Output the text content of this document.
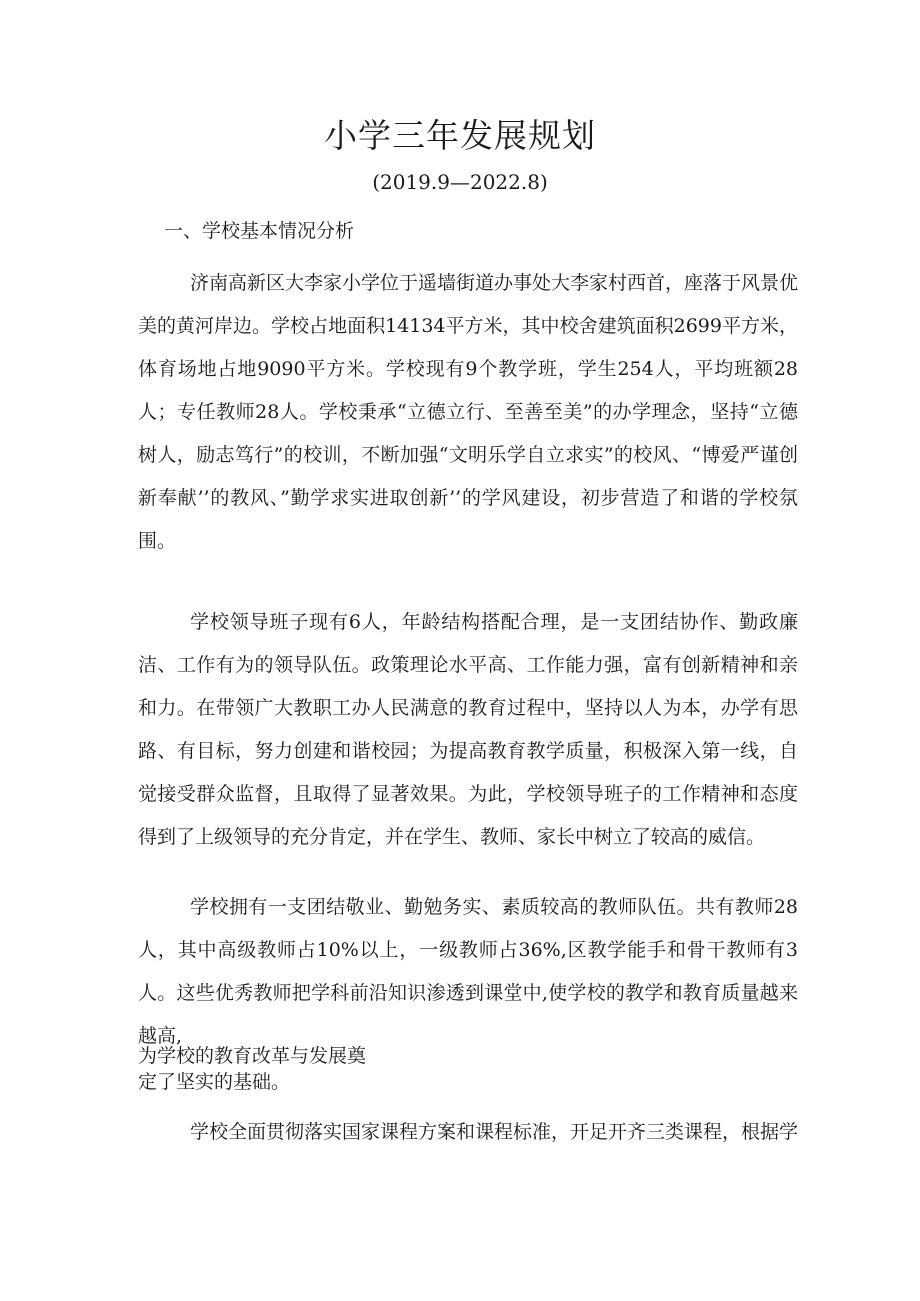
小学三年发展规划

(2019.9—2022.8)

一、学校基本情况分析

济南高新区大李家小学位于遥墙街道办事处大李家村西首，座落于风景优美的黄河岸边。学校占地面积14134平方米，其中校舍建筑面积2699平方米，体育场地占地9090平方米。学校现有9个教学班，学生254人，平均班额28人；专任教师28人。学校秉承“立德立行、至善至美”的办学理念，坚持“立德树人，励志笃行”的校训，不断加强“文明乐学自立求实”的校风、“博爱严谨创新奉献’’的教风、”勤学求实进取创新’’的学风建设，初步营造了和谐的学校氛围。

学校领导班子现有6人，年龄结构搭配合理，是一支团结协作、勤政廉洁、工作有为的领导队伍。政策理论水平高、工作能力强，富有创新精神和亲和力。在带领广大教职工办人民满意的教育过程中，坚持以人为本，办学有思路、有目标，努力创建和谐校园；为提高教育教学质量，积极深入第一线，自觉接受群众监督，且取得了显著效果。为此，学校领导班子的工作精神和态度得到了上级领导的充分肯定，并在学生、教师、家长中树立了较高的威信。

学校拥有一支团结敬业、勤勉务实、素质较高的教师队伍。共有教师28人，其中高级教师占10%以上，一级教师占36%,区教学能手和骨干教师有3人。这些优秀教师把学科前沿知识渗透到课堂中,使学校的教学和教育质量越来越高,

为学校的教育改革与发展奠
定了坚实的基础。

学校全面贯彻落实国家课程方案和课程标准，开足开齐三类课程，根据学
